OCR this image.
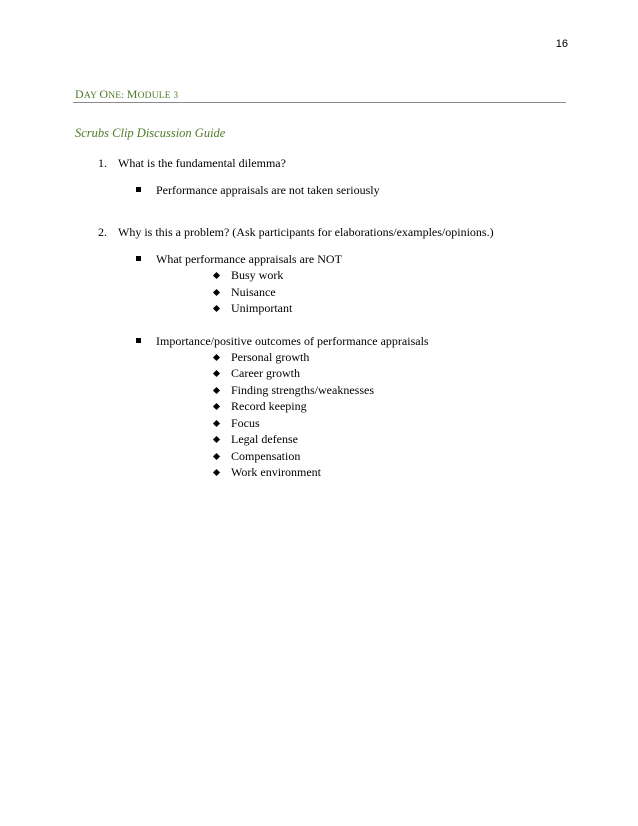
16
DAY ONE: MODULE 3
Scrubs Clip Discussion Guide
1. What is the fundamental dilemma?
Performance appraisals are not taken seriously
2. Why is this a problem? (Ask participants for elaborations/examples/opinions.)
What performance appraisals are NOT
Busy work
Nuisance
Unimportant
Importance/positive outcomes of performance appraisals
Personal growth
Career growth
Finding strengths/weaknesses
Record keeping
Focus
Legal defense
Compensation
Work environment
